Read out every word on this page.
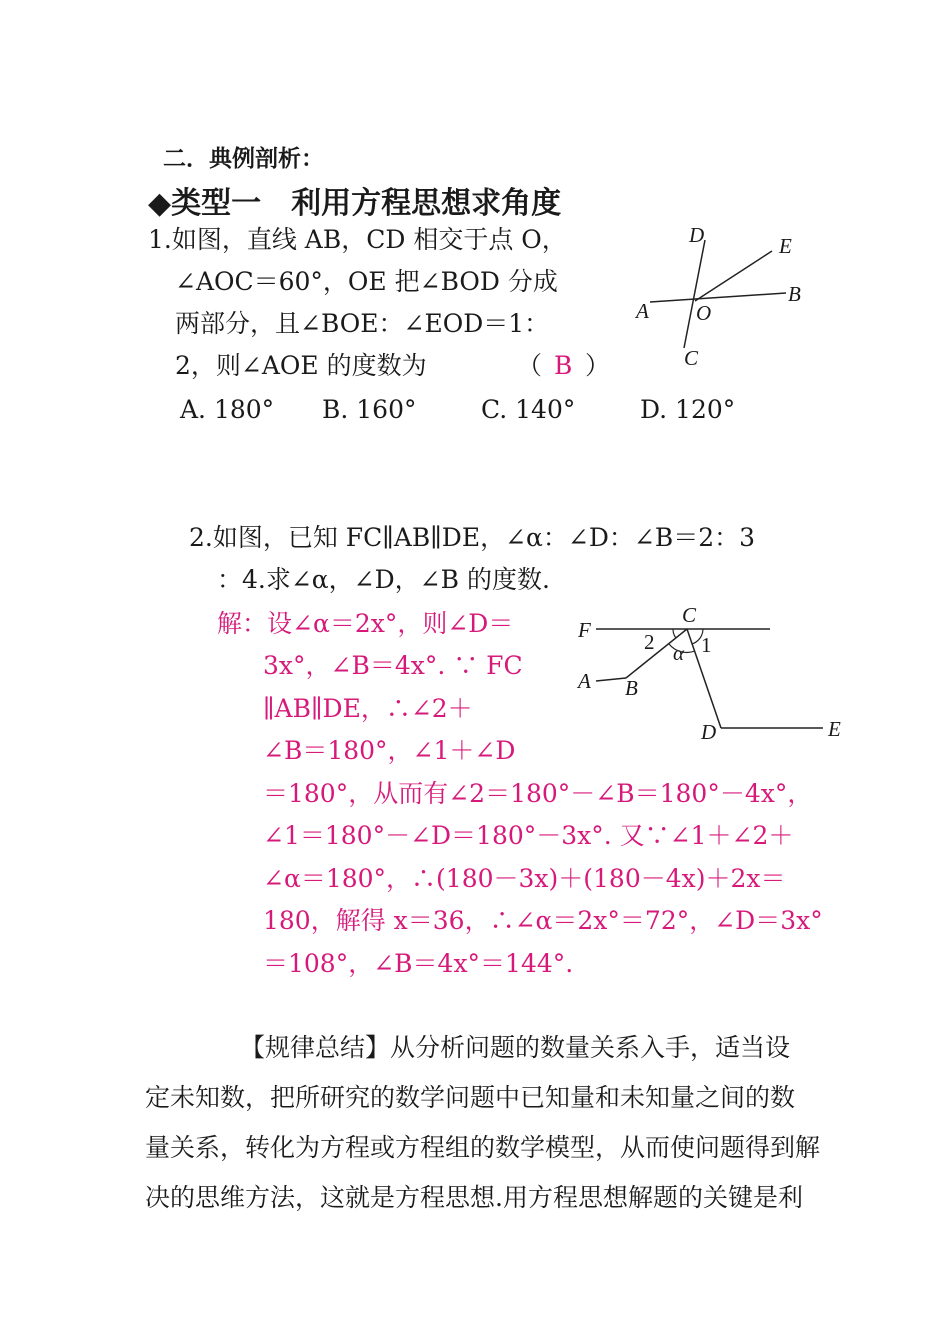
二．典例剖析：
◆类型一　利用方程思想求角度
1.如图，直线 AB，CD 相交于点 O，
∠AOC＝60°，OE 把∠BOD 分成
两部分，且∠BOE：∠EOD＝1：
2，则∠AOE 的度数为	（ B ）
A. 180° B. 160°	C. 140°	D. 120°
D	E
A O
B
C
2.如图，已知 FC∥AB∥DE，∠α：∠D：∠B＝2：3
：4.求∠α，∠D，∠B 的度数.
解：设∠α＝2x°，则∠D＝
3x°，∠B＝4x°. ∵ FC
∥AB∥DE，∴∠2＋
∠B＝180°，∠1＋∠D
＝180°，从而有∠2＝180°－∠B＝180°－4x°，
∠1＝180°－∠D＝180°－3x°. 又∵∠1＋∠2＋
∠α＝180°，∴(180－3x)＋(180－4x)＋2x＝
180，解得 x＝36，∴∠α＝2x°＝72°，∠D＝3x°
＝108°，∠B＝4x°＝144°.
F
C
2 1
α
A B
D	E
【规律总结】从分析问题的数量关系入手，适当设
定未知数，把所研究的数学问题中已知量和未知量之间的数
量关系，转化为方程或方程组的数学模型，从而使问题得到解
决的思维方法，这就是方程思想.用方程思想解题的关键是利
